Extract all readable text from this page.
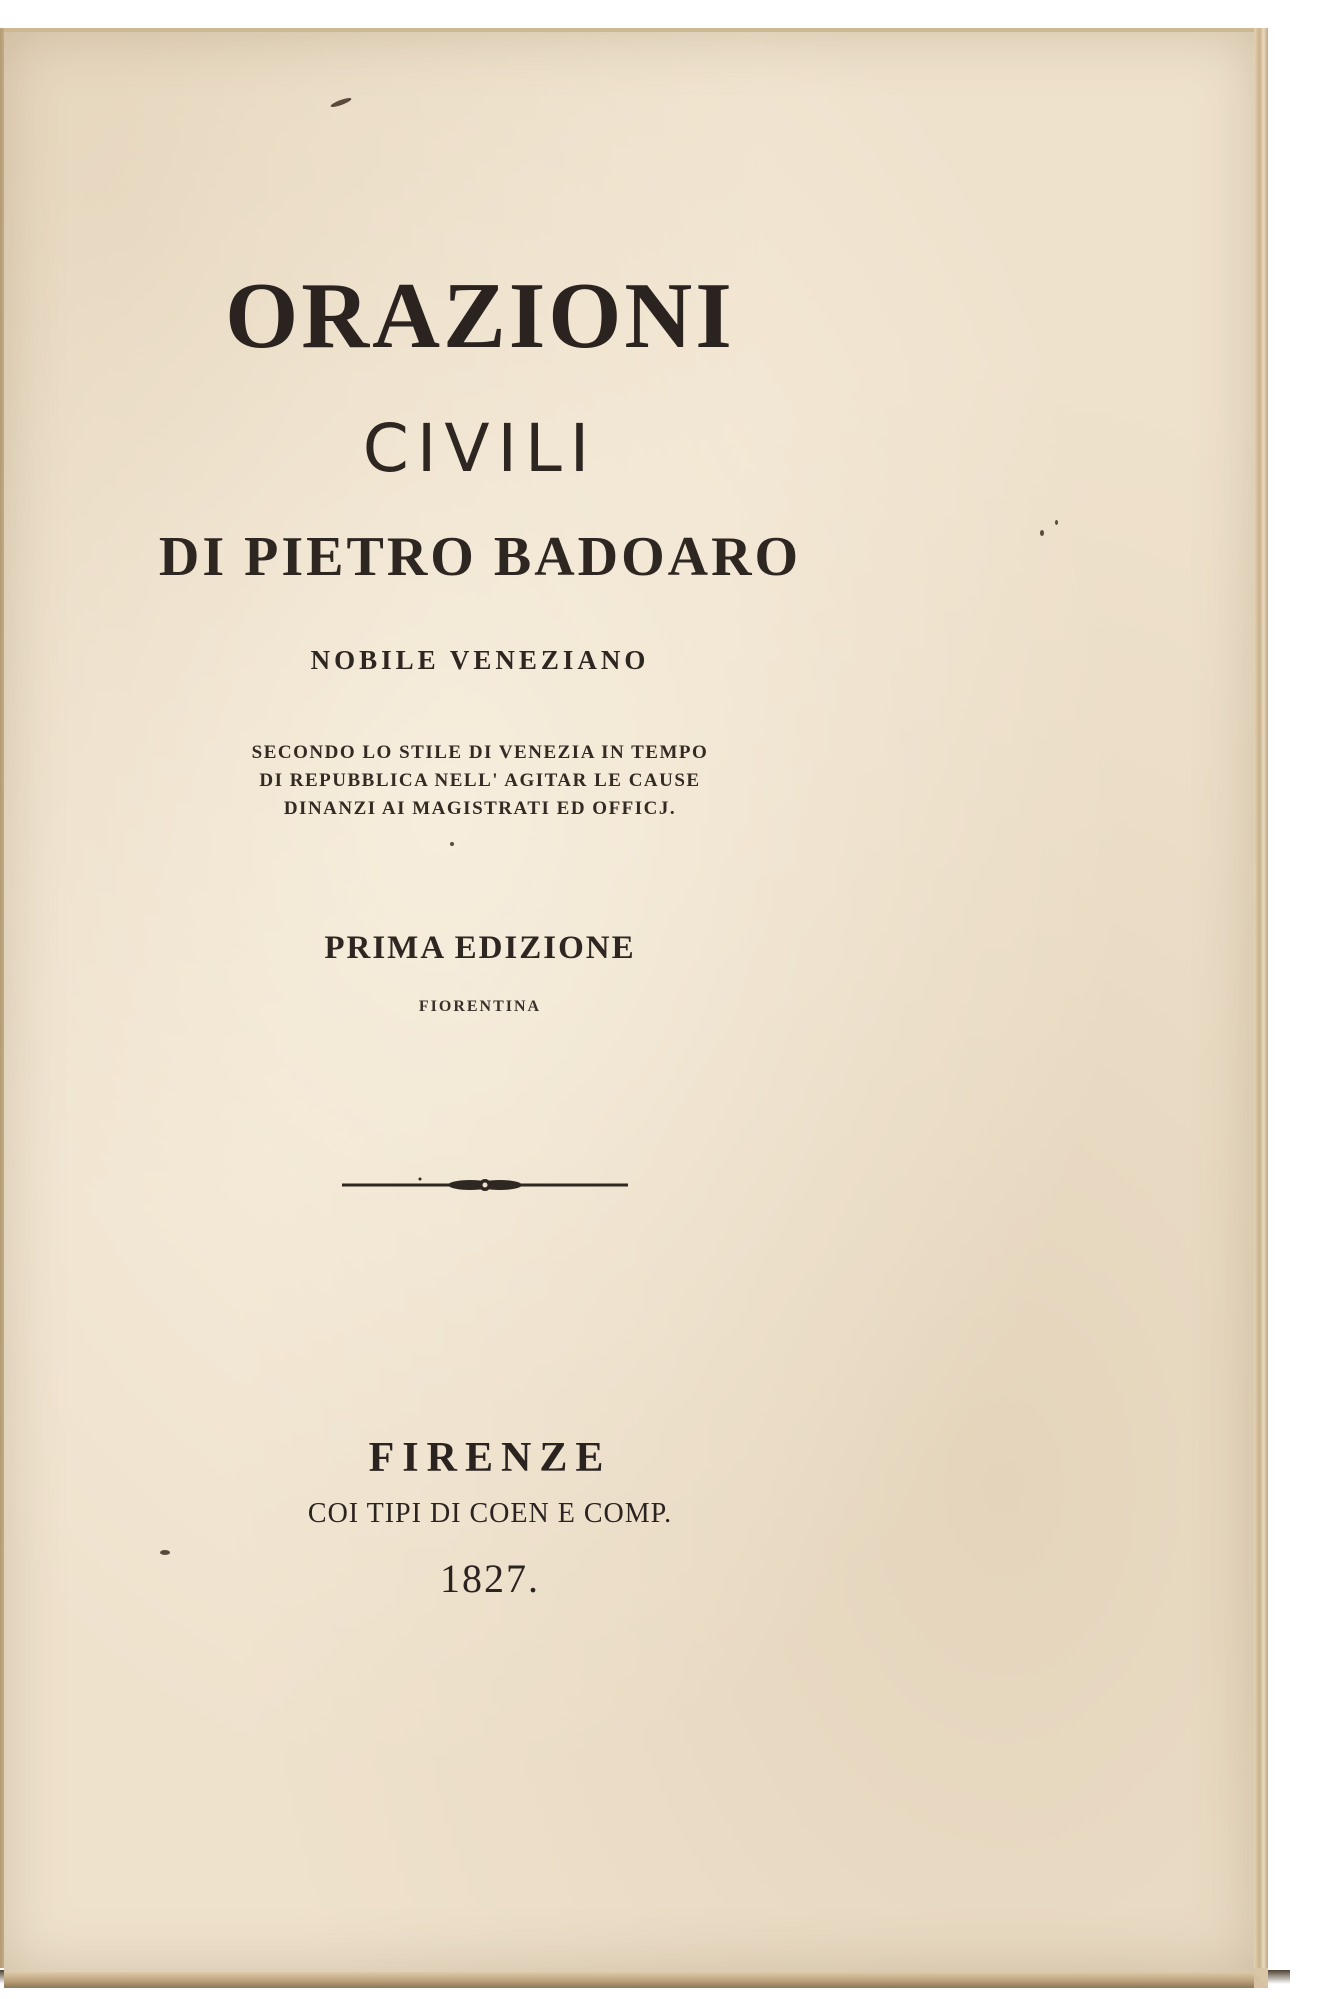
ORAZIONI
CIVILI
DI PIETRO BADOARO
NOBILE VENEZIANO
SECONDO LO STILE DI VENEZIA IN TEMPO
DI REPUBBLICA NELL' AGITAR LE CAUSE
DINANZI AI MAGISTRATI ED OFFICJ.
PRIMA EDIZIONE
FIORENTINA
FIRENZE
COI TIPI DI COEN E COMP.
1827.
